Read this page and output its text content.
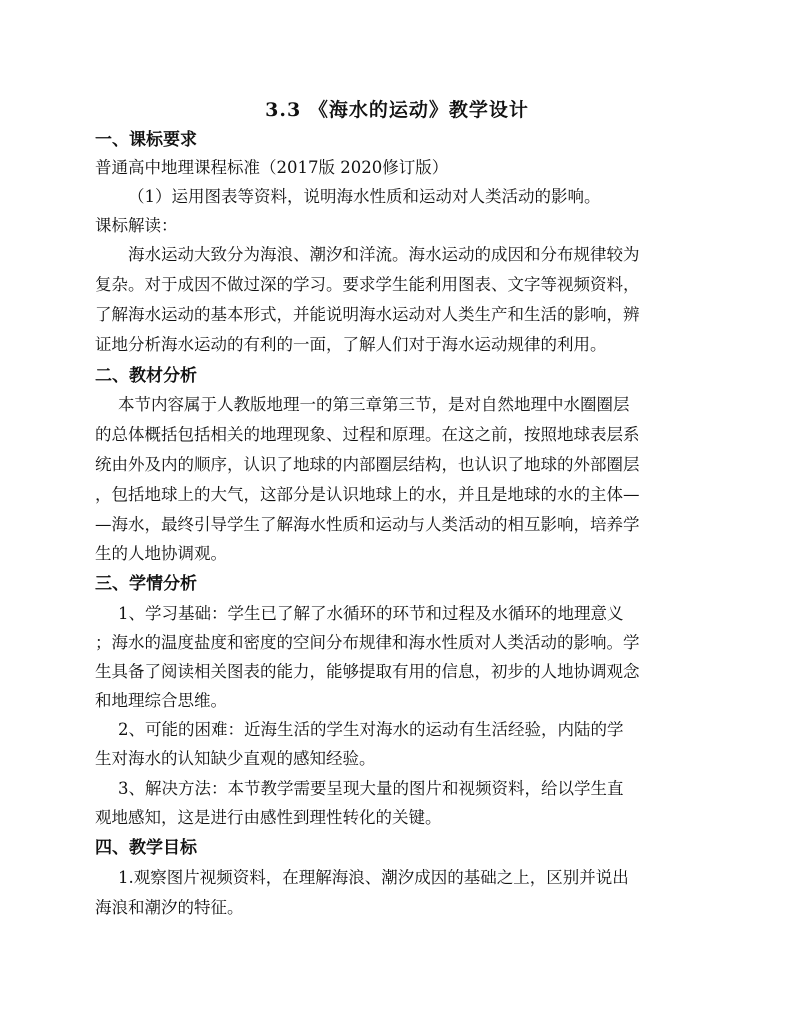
3.3 《海水的运动》教学设计
一、课标要求
普通高中地理课程标准（2017版 2020修订版）
（1）运用图表等资料，说明海水性质和运动对人类活动的影响。
课标解读：
海水运动大致分为海浪、潮汐和洋流。海水运动的成因和分布规律较为
复杂。对于成因不做过深的学习。要求学生能利用图表、文字等视频资料，
了解海水运动的基本形式，并能说明海水运动对人类生产和生活的影响，辨
证地分析海水运动的有利的一面，了解人们对于海水运动规律的利用。
二、教材分析
本节内容属于人教版地理一的第三章第三节，是对自然地理中水圈圈层
的总体概括包括相关的地理现象、过程和原理。在这之前，按照地球表层系
统由外及内的顺序，认识了地球的内部圈层结构，也认识了地球的外部圈层
，包括地球上的大气，这部分是认识地球上的水，并且是地球的水的主体—
—海水，最终引导学生了解海水性质和运动与人类活动的相互影响，培养学
生的人地协调观。
三、学情分析
1、学习基础：学生已了解了水循环的环节和过程及水循环的地理意义
；海水的温度盐度和密度的空间分布规律和海水性质对人类活动的影响。学
生具备了阅读相关图表的能力，能够提取有用的信息，初步的人地协调观念
和地理综合思维。
2、可能的困难：近海生活的学生对海水的运动有生活经验，内陆的学
生对海水的认知缺少直观的感知经验。
3、解决方法：本节教学需要呈现大量的图片和视频资料，给以学生直
观地感知，这是进行由感性到理性转化的关键。
四、教学目标
1.观察图片视频资料，在理解海浪、潮汐成因的基础之上，区别并说出
海浪和潮汐的特征。
